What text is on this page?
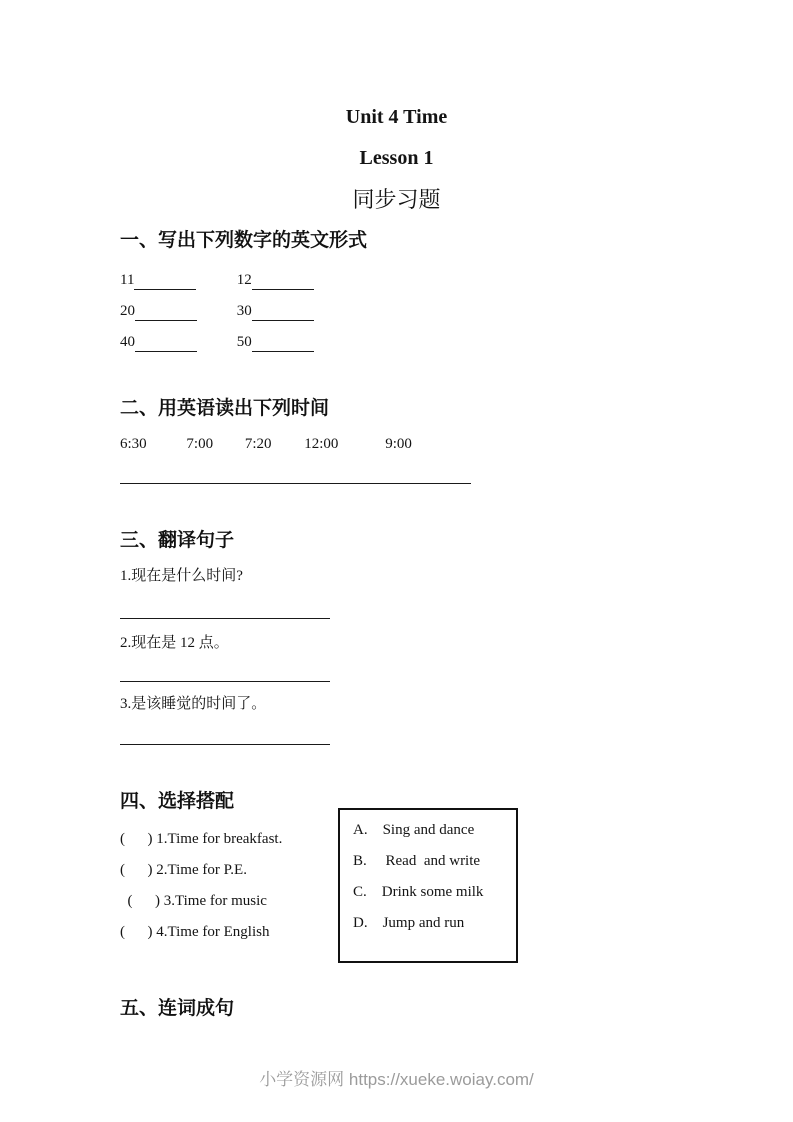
Unit 4 Time
Lesson 1
同步习题
一、写出下列数字的英文形式
11	12
20	30
40	50
二、用英语读出下列时间
6:30	7:00 7:20 12:00	9:00
三、翻译句子

1.现在是什么时间?

2.现在是 12 点。

3.是该睡觉的时间了。

四、选择搭配
(      ) 1.Time for breakfast.
(      ) 2.Time for P.E.
(      ) 3.Time for music
(      ) 4.Time for English
A.    Sing and dance
B.     Read  and write
C.    Drink some milk
D.    Jump and run
五、连词成句
小学资源网 https://xueke.woiay.com/
